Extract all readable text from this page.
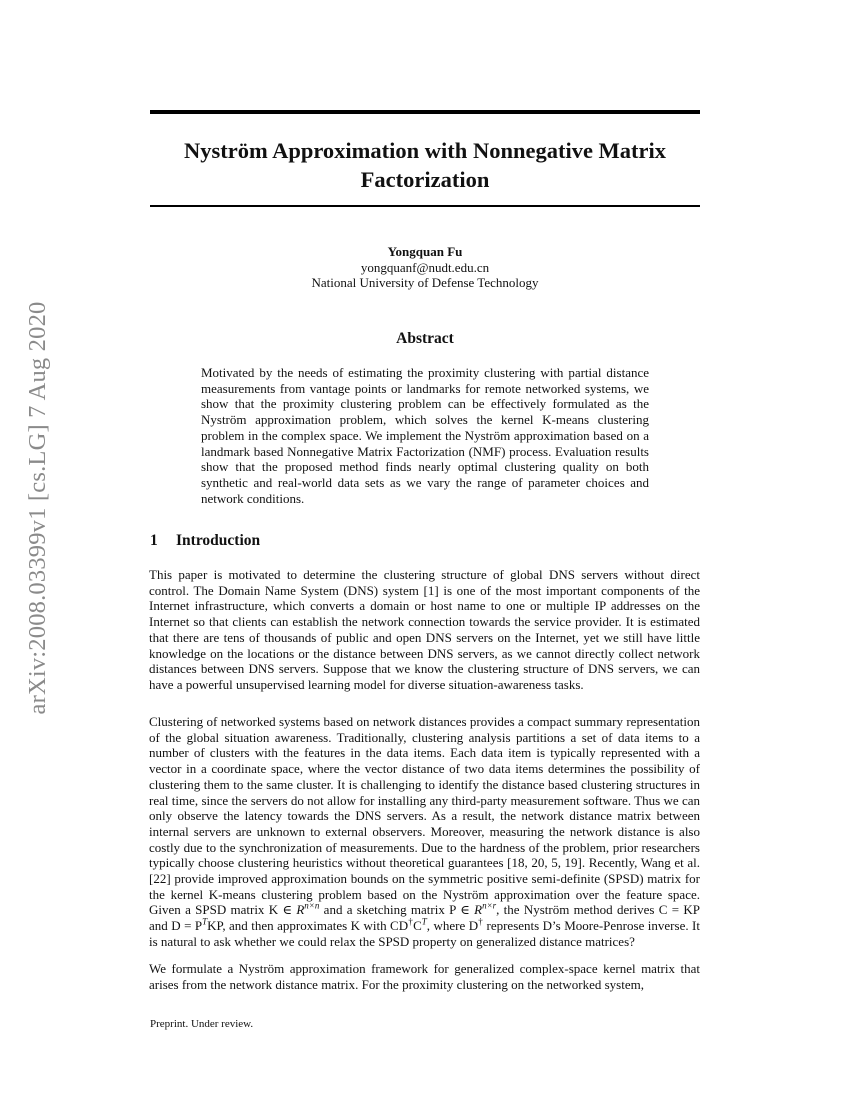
arXiv:2008.03399v1 [cs.LG] 7 Aug 2020
Nyström Approximation with Nonnegative Matrix
Factorization
Yongquan Fu
yongquanf@nudt.edu.cn
National University of Defense Technology
Abstract
Motivated by the needs of estimating the proximity clustering with partial distance measurements from vantage points or landmarks for remote networked systems, we show that the proximity clustering problem can be effectively formulated as the Nyström approximation problem, which solves the kernel K-means clustering problem in the complex space. We implement the Nyström approximation based on a landmark based Nonnegative Matrix Factorization (NMF) process. Evaluation results show that the proposed method finds nearly optimal clustering quality on both synthetic and real-world data sets as we vary the range of parameter choices and network conditions.
1 Introduction

This paper is motivated to determine the clustering structure of global DNS servers without direct control. The Domain Name System (DNS) system [1] is one of the most important components of the Internet infrastructure, which converts a domain or host name to one or multiple IP addresses on the Internet so that clients can establish the network connection towards the service provider. It is estimated that there are tens of thousands of public and open DNS servers on the Internet, yet we still have little knowledge on the locations or the distance between DNS servers, as we cannot directly collect network distances between DNS servers. Suppose that we know the clustering structure of DNS servers, we can have a powerful unsupervised learning model for diverse situation-awareness tasks.

Clustering of networked systems based on network distances provides a compact summary representation of the global situation awareness. Traditionally, clustering analysis partitions a set of data items to a number of clusters with the features in the data items. Each data item is typically represented with a vector in a coordinate space, where the vector distance of two data items determines the possibility of clustering them to the same cluster. It is challenging to identify the distance based clustering structures in real time, since the servers do not allow for installing any third-party measurement software. Thus we can only observe the latency towards the DNS servers. As a result, the network distance matrix between internal servers are unknown to external observers. Moreover, measuring the network distance is also costly due to the synchronization of measurements. Due to the hardness of the problem, prior researchers typically choose clustering heuristics without theoretical guarantees [18, 20, 5, 19]. Recently, Wang et al. [22] provide improved approximation bounds on the symmetric positive semi-definite (SPSD) matrix for the kernel K-means clustering problem based on the Nyström approximation over the feature space. Given a SPSD matrix K ∈ $R^{n\times n}$ and a sketching matrix P ∈ $R^{n\times r}$, the Nyström method derives C = KP and $D = P^TKP$, and then approximates K with $CD^\dagger C^T$, where D† represents D’s Moore-Penrose inverse. It is natural to ask whether we could relax the SPSD property on generalized distance matrices?

We formulate a Nyström approximation framework for generalized complex-space kernel matrix that arises from the network distance matrix. For the proximity clustering on the networked system,

Preprint. Under review.
